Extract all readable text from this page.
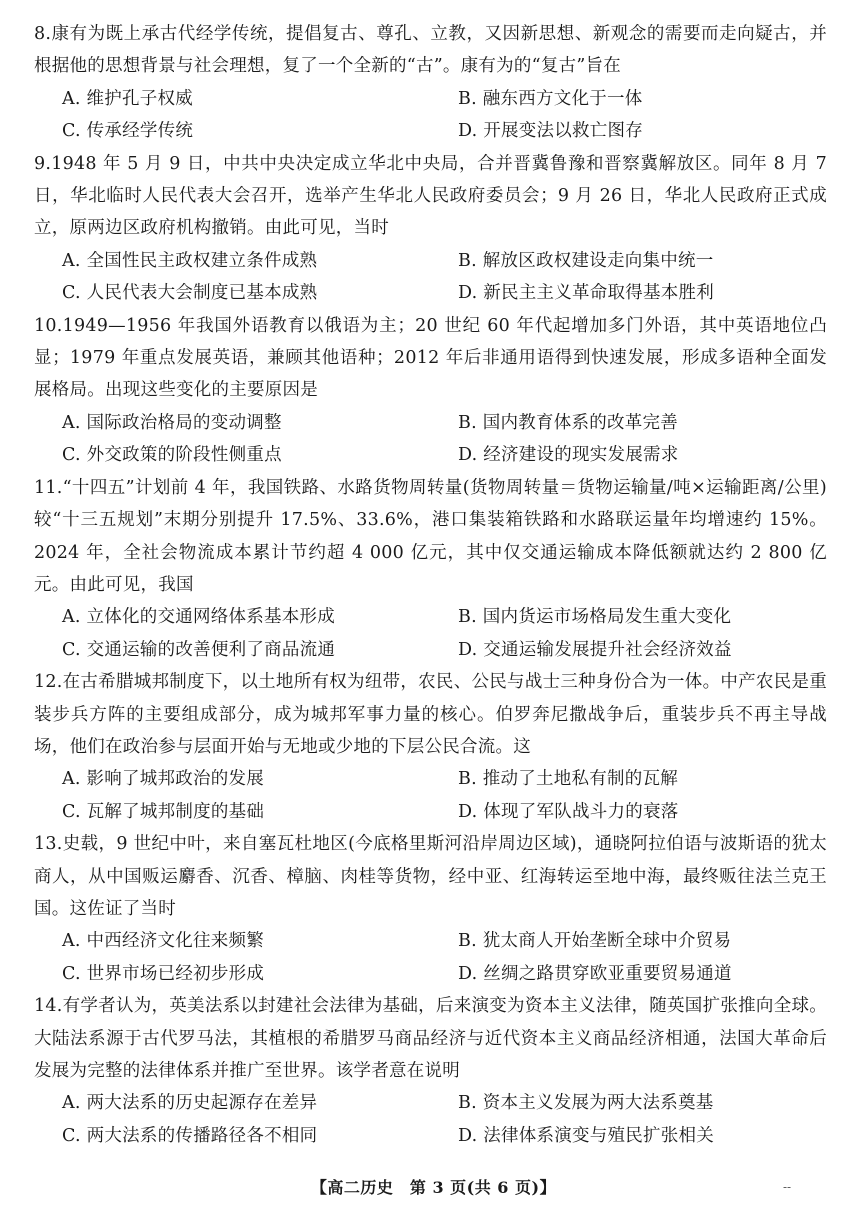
8.康有为既上承古代经学传统，提倡复古、尊孔、立教，又因新思想、新观念的需要而走向疑古，并根据他的思想背景与社会理想，复了一个全新的“古”。康有为的“复古”旨在

A. 维护孔子权威	B. 融东西方文化于一体
C. 传承经学传统	D. 开展变法以救亡图存

9.1948 年 5 月 9 日，中共中央决定成立华北中央局，合并晋冀鲁豫和晋察冀解放区。同年 8 月 7 日，华北临时人民代表大会召开，选举产生华北人民政府委员会；9 月 26 日，华北人民政府正式成立，原两边区政府机构撤销。由此可见，当时

A. 全国性民主政权建立条件成熟	B. 解放区政权建设走向集中统一
C. 人民代表大会制度已基本成熟	D. 新民主主义革命取得基本胜利

10.1949—1956 年我国外语教育以俄语为主；20 世纪 60 年代起增加多门外语，其中英语地位凸显；1979 年重点发展英语，兼顾其他语种；2012 年后非通用语得到快速发展，形成多语种全面发展格局。出现这些变化的主要原因是

A. 国际政治格局的变动调整	B. 国内教育体系的改革完善
C. 外交政策的阶段性侧重点	D. 经济建设的现实发展需求

11.“十四五”计划前 4 年，我国铁路、水路货物周转量(货物周转量＝货物运输量/吨×运输距离/公里)较“十三五规划”末期分别提升 17.5%、33.6%，港口集装箱铁路和水路联运量年均增速约 15%。2024 年，全社会物流成本累计节约超 4 000 亿元，其中仅交通运输成本降低额就达约 2 800 亿元。由此可见，我国

A. 立体化的交通网络体系基本形成	B. 国内货运市场格局发生重大变化
C. 交通运输的改善便利了商品流通	D. 交通运输发展提升社会经济效益

12.在古希腊城邦制度下，以土地所有权为纽带，农民、公民与战士三种身份合为一体。中产农民是重装步兵方阵的主要组成部分，成为城邦军事力量的核心。伯罗奔尼撒战争后，重装步兵不再主导战场，他们在政治参与层面开始与无地或少地的下层公民合流。这

A. 影响了城邦政治的发展	B. 推动了土地私有制的瓦解
C. 瓦解了城邦制度的基础	D. 体现了军队战斗力的衰落

13.史载，9 世纪中叶，来自塞瓦杜地区(今底格里斯河沿岸周边区域)，通晓阿拉伯语与波斯语的犹太商人，从中国贩运麝香、沉香、樟脑、肉桂等货物，经中亚、红海转运至地中海，最终贩往法兰克王国。这佐证了当时

A. 中西经济文化往来频繁	B. 犹太商人开始垄断全球中介贸易
C. 世界市场已经初步形成	D. 丝绸之路贯穿欧亚重要贸易通道

14.有学者认为，英美法系以封建社会法律为基础，后来演变为资本主义法律，随英国扩张推向全球。大陆法系源于古代罗马法，其植根的希腊罗马商品经济与近代资本主义商品经济相通，法国大革命后发展为完整的法律体系并推广至世界。该学者意在说明

A. 两大法系的历史起源存在差异	B. 资本主义发展为两大法系奠基
C. 两大法系的传播路径各不相同	D. 法律体系演变与殖民扩张相关
【高二历史　第 3 页(共 6 页)】	--
